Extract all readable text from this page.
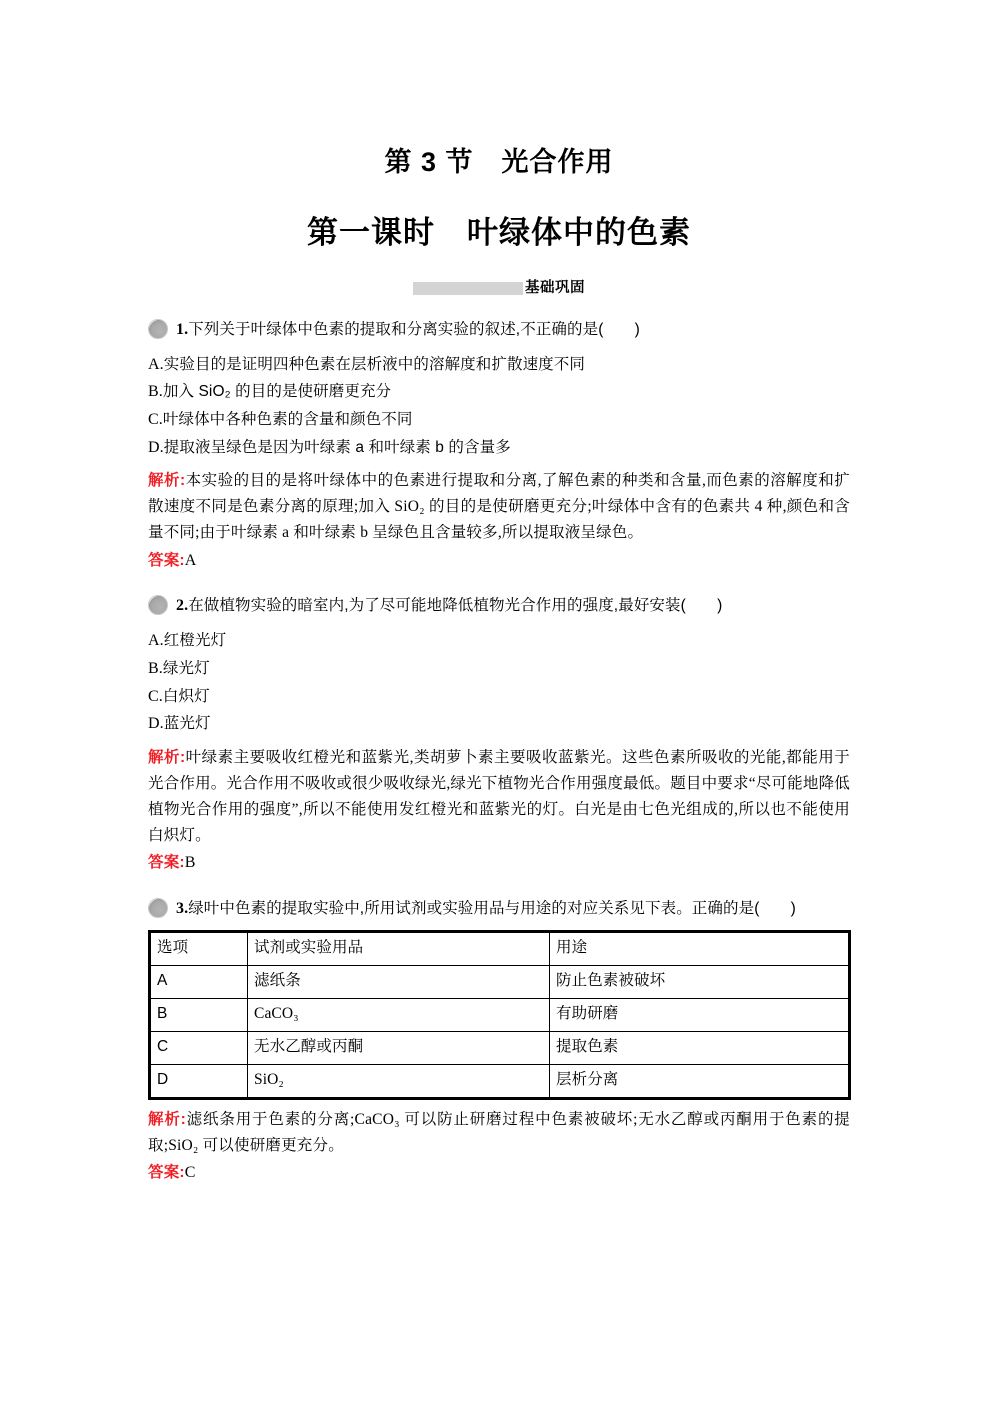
第 3 节　光合作用
第一课时　叶绿体中的色素
基础巩固
1.下列关于叶绿体中色素的提取和分离实验的叙述,不正确的是(　　)
A.实验目的是证明四种色素在层析液中的溶解度和扩散速度不同
B.加入 SiO₂ 的目的是使研磨更充分
C.叶绿体中各种色素的含量和颜色不同
D.提取液呈绿色是因为叶绿素 a 和叶绿素 b 的含量多
解析:本实验的目的是将叶绿体中的色素进行提取和分离,了解色素的种类和含量,而色素的溶解度和扩散速度不同是色素分离的原理;加入 SiO₂ 的目的是使研磨更充分;叶绿体中含有的色素共 4 种,颜色和含量不同;由于叶绿素 a 和叶绿素 b 呈绿色且含量较多,所以提取液呈绿色。
答案:A
2.在做植物实验的暗室内,为了尽可能地降低植物光合作用的强度,最好安装(　　)
A.红橙光灯
B.绿光灯
C.白炽灯
D.蓝光灯
解析:叶绿素主要吸收红橙光和蓝紫光,类胡萝卜素主要吸收蓝紫光。这些色素所吸收的光能,都能用于光合作用。光合作用不吸收或很少吸收绿光,绿光下植物光合作用强度最低。题目中要求“尽可能地降低植物光合作用的强度”,所以不能使用发红橙光和蓝紫光的灯。白光是由七色光组成的,所以也不能使用白炽灯。
答案:B
3.绿叶中色素的提取实验中,所用试剂或实验用品与用途的对应关系见下表。正确的是(　　)
选项	试剂或实验用品	用途
A	滤纸条	防止色素被破坏
B	CaCO₃	有助研磨
C	无水乙醇或丙酮	提取色素
D	SiO₂	层析分离
解析:滤纸条用于色素的分离;CaCO₃ 可以防止研磨过程中色素被破坏;无水乙醇或丙酮用于色素的提取;SiO₂ 可以使研磨更充分。
答案:C
